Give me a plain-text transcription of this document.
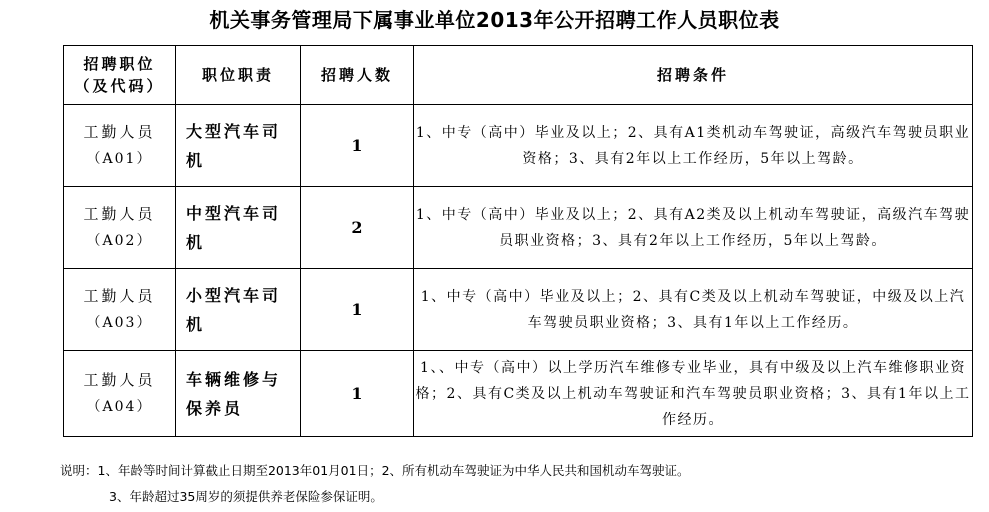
机关事务管理局下属事业单位2013年公开招聘工作人员职位表
招聘职位
（及代码）	职位职责	招聘人数	招聘条件
工勤人员
（A01）	大型汽车司机	1	1、中专（高中）毕业及以上；2、具有A1类机动车驾驶证，高级汽车驾驶员职业资格；3、具有2年以上工作经历，5年以上驾龄。
工勤人员
（A02）	中型汽车司机	2	1、中专（高中）毕业及以上；2、具有A2类及以上机动车驾驶证，高级汽车驾驶员职业资格；3、具有2年以上工作经历，5年以上驾龄。
工勤人员
（A03）	小型汽车司机	1	1、中专（高中）毕业及以上；2、具有C类及以上机动车驾驶证，中级及以上汽车驾驶员职业资格；3、具有1年以上工作经历。
工勤人员
（A04）	车辆维修与保养员	1	1、、中专（高中）以上学历汽车维修专业毕业，具有中级及以上汽车维修职业资格；2、具有C类及以上机动车驾驶证和汽车驾驶员职业资格；3、具有1年以上工作经历。
说明：1、年龄等时间计算截止日期至2013年01月01日；2、所有机动车驾驶证为中华人民共和国机动车驾驶证。
3、年龄超过35周岁的须提供养老保险参保证明。
